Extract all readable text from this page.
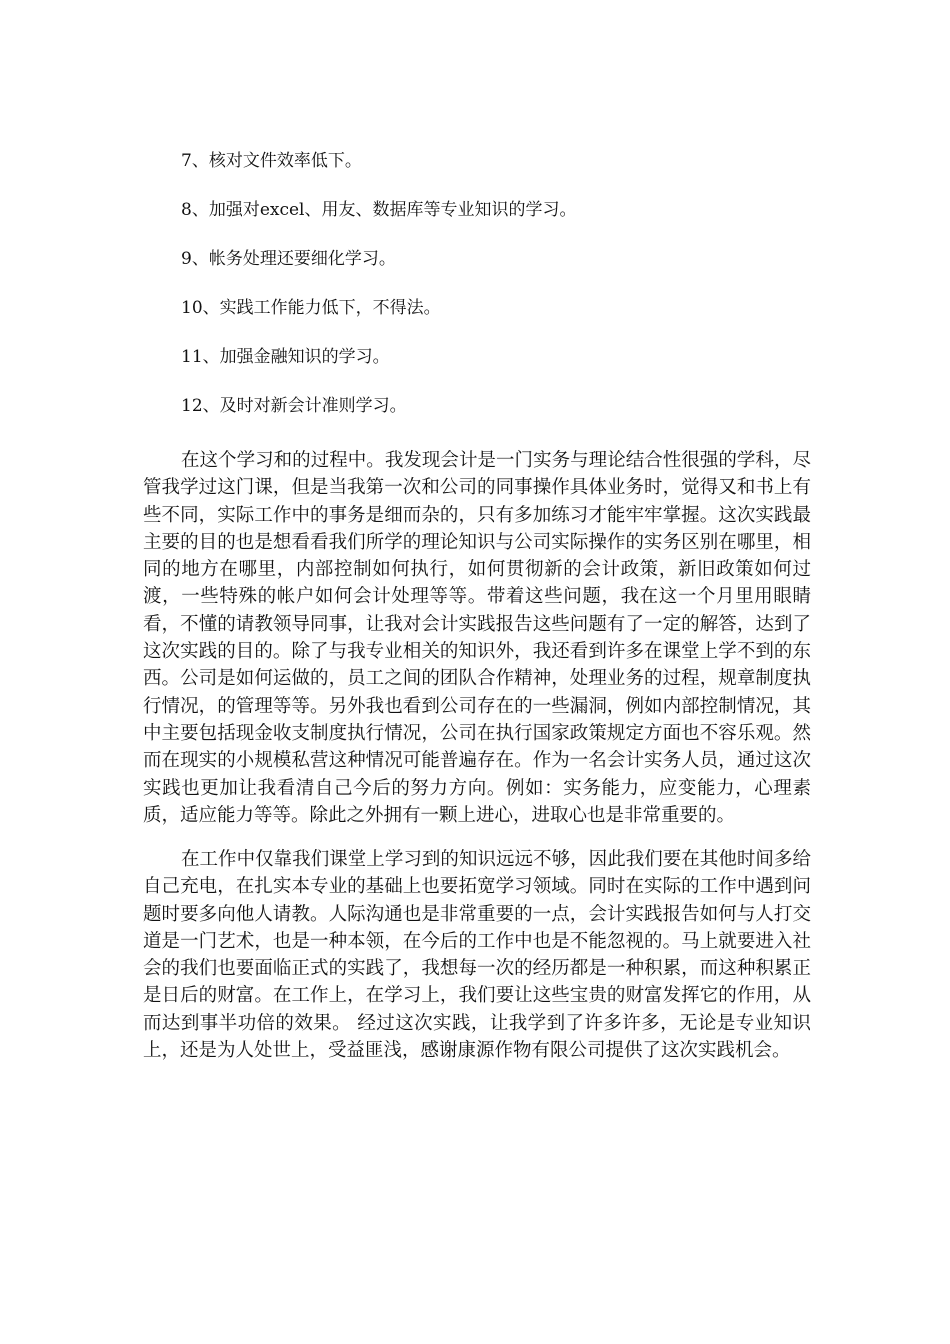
7、核对文件效率低下。
8、加强对excel、用友、数据库等专业知识的学习。
9、帐务处理还要细化学习。
10、实践工作能力低下，不得法。
11、加强金融知识的学习。
12、及时对新会计准则学习。

在这个学习和的过程中。我发现会计是一门实务与理论结合性很强的学科，尽管我学过这门课，但是当我第一次和公司的同事操作具体业务时，觉得又和书上有些不同，实际工作中的事务是细而杂的，只有多加练习才能牢牢掌握。这次实践最主要的目的也是想看看我们所学的理论知识与公司实际操作的实务区别在哪里，相同的地方在哪里，内部控制如何执行，如何贯彻新的会计政策，新旧政策如何过渡，一些特殊的帐户如何会计处理等等。带着这些问题，我在这一个月里用眼睛看，不懂的请教领导同事，让我对会计实践报告这些问题有了一定的解答，达到了这次实践的目的。除了与我专业相关的知识外，我还看到许多在课堂上学不到的东西。公司是如何运做的，员工之间的团队合作精神，处理业务的过程，规章制度执行情况，的管理等等。另外我也看到公司存在的一些漏洞，例如内部控制情况，其中主要包括现金收支制度执行情况，公司在执行国家政策规定方面也不容乐观。然而在现实的小规模私营这种情况可能普遍存在。作为一名会计实务人员，通过这次实践也更加让我看清自己今后的努力方向。例如：实务能力，应变能力，心理素质，适应能力等等。除此之外拥有一颗上进心，进取心也是非常重要的。

在工作中仅靠我们课堂上学习到的知识远远不够，因此我们要在其他时间多给自己充电，在扎实本专业的基础上也要拓宽学习领域。同时在实际的工作中遇到问题时要多向他人请教。人际沟通也是非常重要的一点，会计实践报告如何与人打交道是一门艺术，也是一种本领，在今后的工作中也是不能忽视的。马上就要进入社会的我们也要面临正式的实践了，我想每一次的经历都是一种积累，而这种积累正是日后的财富。在工作上，在学习上，我们要让这些宝贵的财富发挥它的作用，从而达到事半功倍的效果。 经过这次实践，让我学到了许多许多，无论是专业知识上，还是为人处世上，受益匪浅，感谢康源作物有限公司提供了这次实践机会。
